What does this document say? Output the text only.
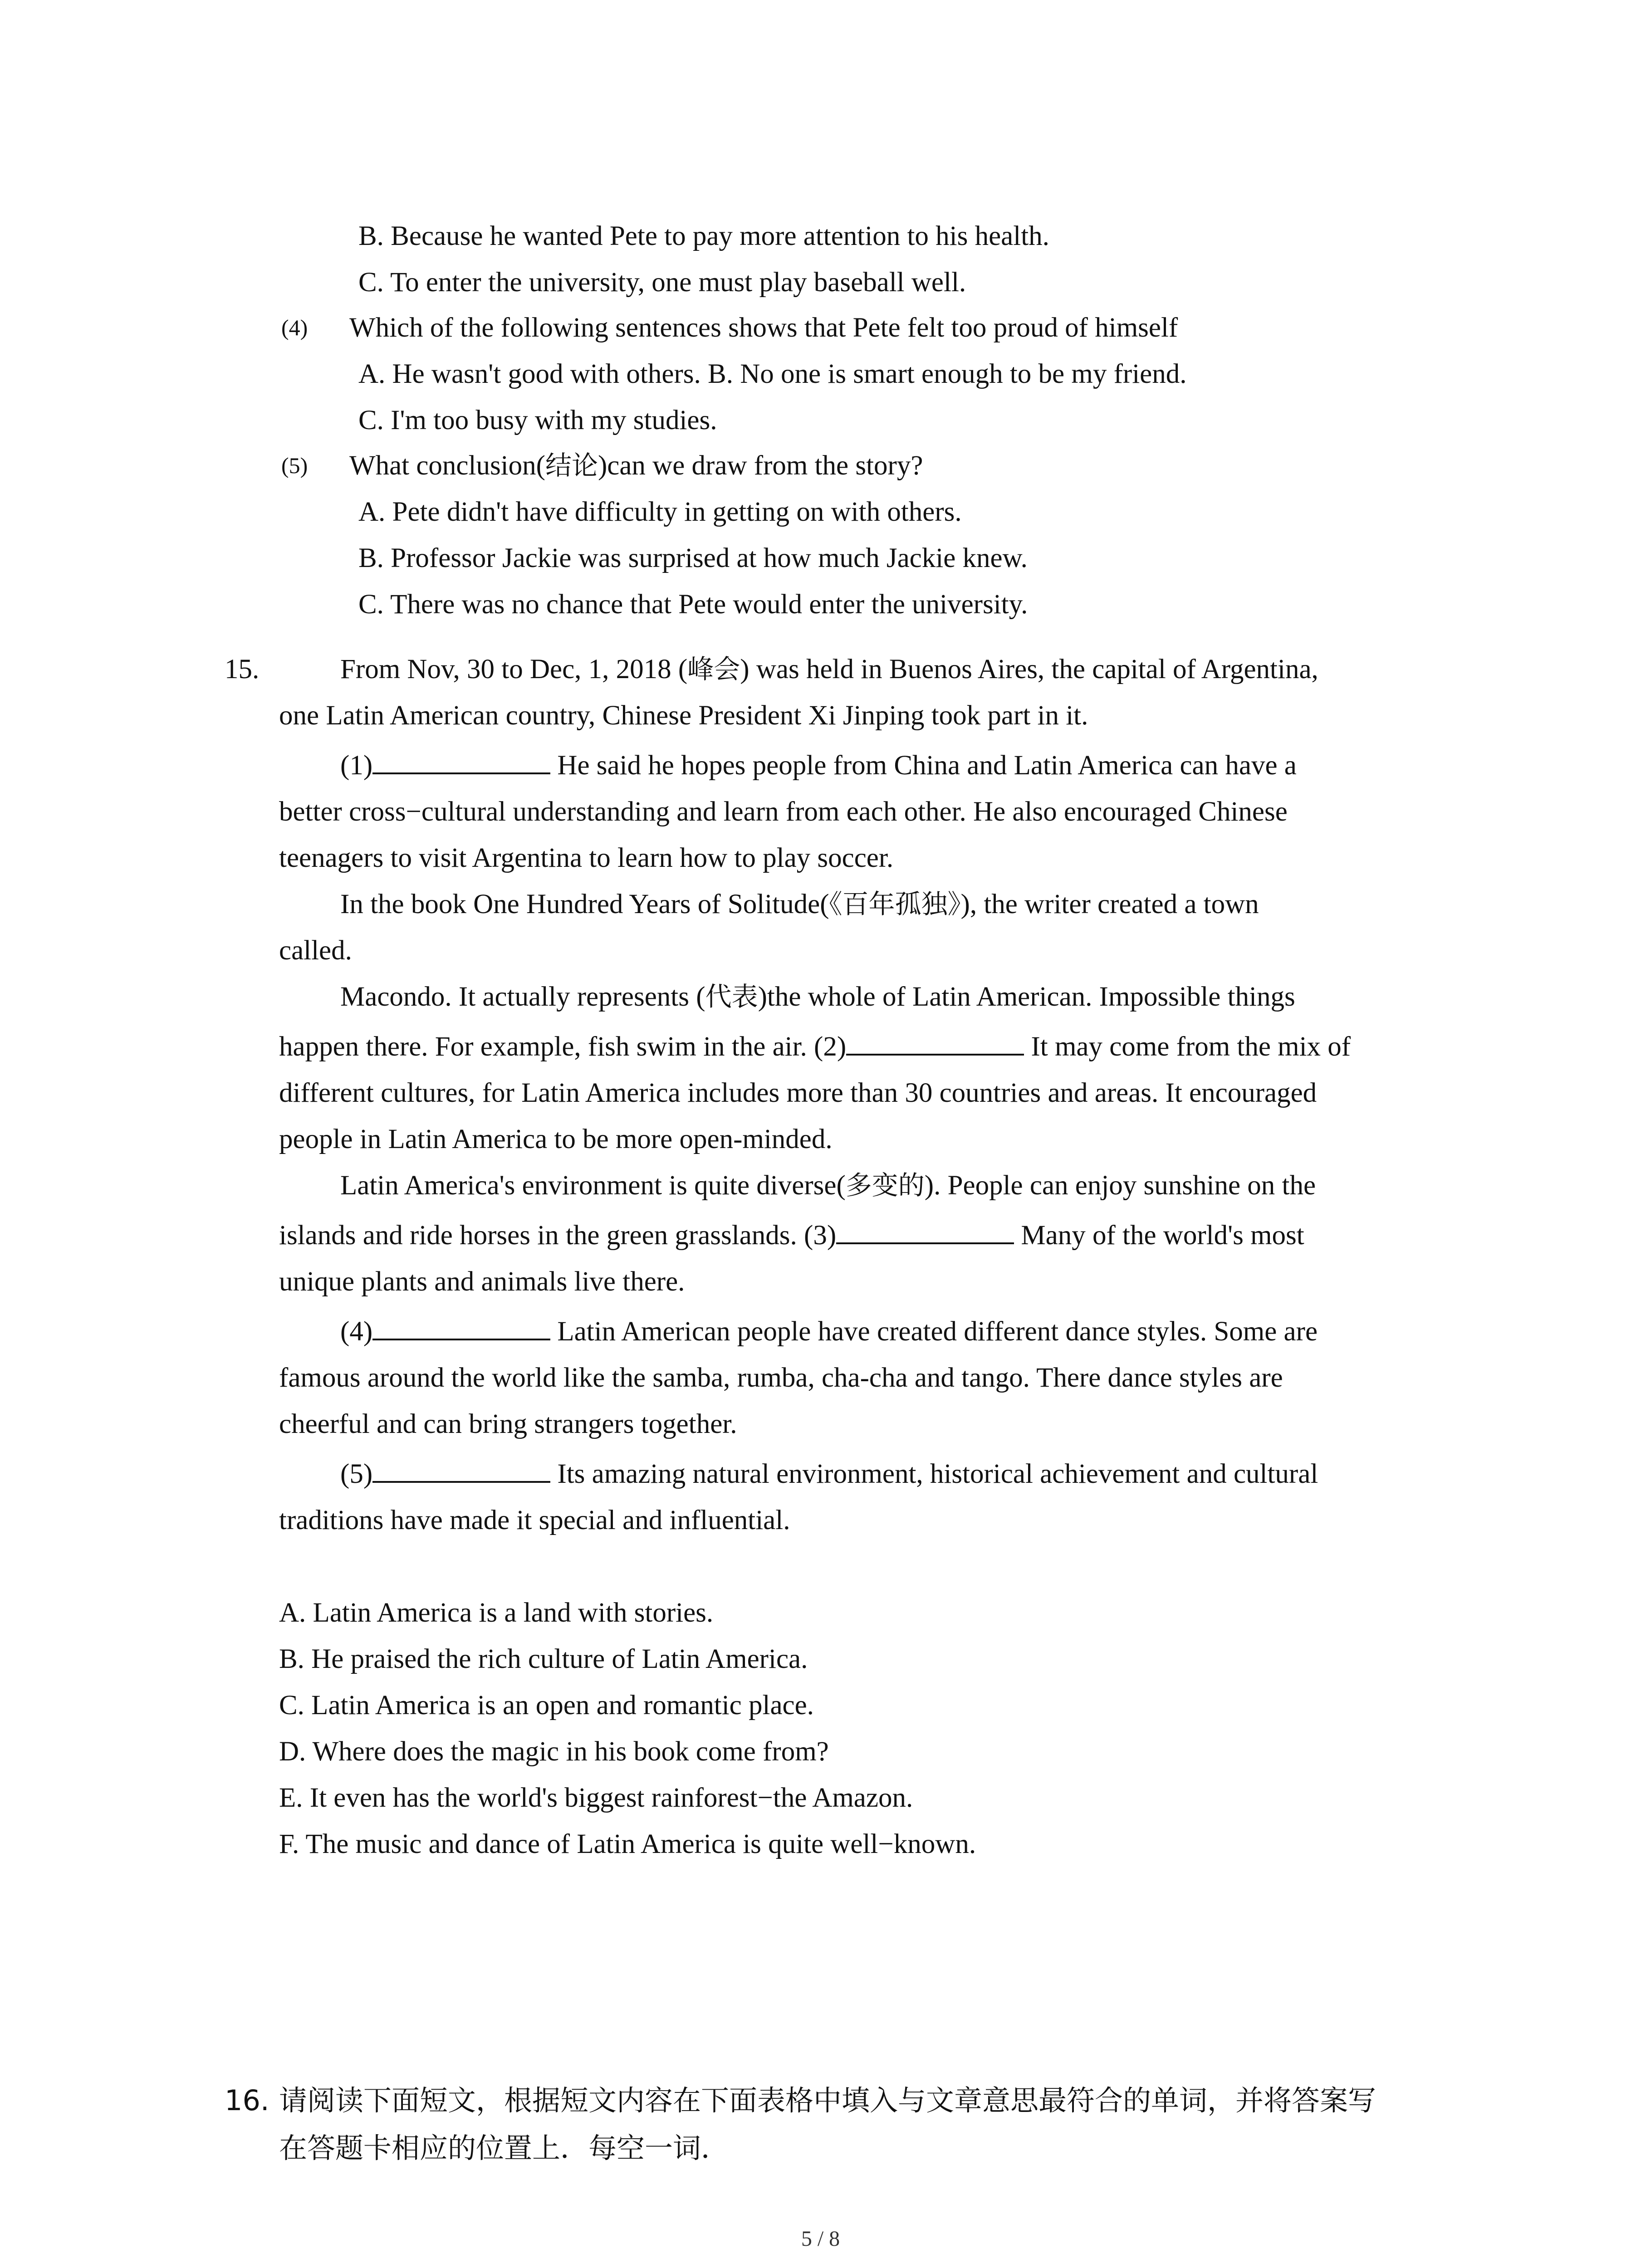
B. Because he wanted Pete to pay more attention to his health.
C. To enter the university, one must play baseball well.
(4) Which of the following sentences shows that Pete felt too proud of himself
A. He wasn't good with others. B. No one is smart enough to be my friend.
C. I'm too busy with my studies.
(5) What conclusion(结论)can we draw from the story?
A. Pete didn't have difficulty in getting on with others.
B. Professor Jackie was surprised at how much Jackie knew.
C. There was no chance that Pete would enter the university.
15.	From Nov, 30 to Dec, 1, 2018 (峰会) was held in Buenos Aires, the capital of Argentina,
one Latin American country, Chinese President Xi Jinping took part in it.
(1)	He said he hopes people from China and Latin America can have a
better cross−cultural understanding and learn from each other. He also encouraged Chinese
teenagers to visit Argentina to learn how to play soccer.
In the book One Hundred Years of Solitude(《百年孤独》), the writer created a town
called.
Macondo. It actually represents (代表)the whole of Latin American. Impossible things
happen there. For example, fish swim in the air. (2)	It may come from the mix of
different cultures, for Latin America includes more than 30 countries and areas. It encouraged
people in Latin America to be more open-minded.
Latin America's environment is quite diverse(多变的). People can enjoy sunshine on the
islands and ride horses in the green grasslands. (3)	Many of the world's most
unique plants and animals live there.
(4)	Latin American people have created different dance styles. Some are
famous around the world like the samba, rumba, cha-cha and tango. There dance styles are
cheerful and can bring strangers together.
(5)	Its amazing natural environment, historical achievement and cultural
traditions have made it special and influential.
A. Latin America is a land with stories.
B. He praised the rich culture of Latin America.
C. Latin America is an open and romantic place.
D. Where does the magic in his book come from?
E. It even has the world's biggest rainforest−the Amazon.
F. The music and dance of Latin America is quite well−known.
16. 请阅读下面短文，根据短文内容在下面表格中填入与文章意思最符合的单词，并将答案写
在答题卡相应的位置上．每空一词．
5 / 8
